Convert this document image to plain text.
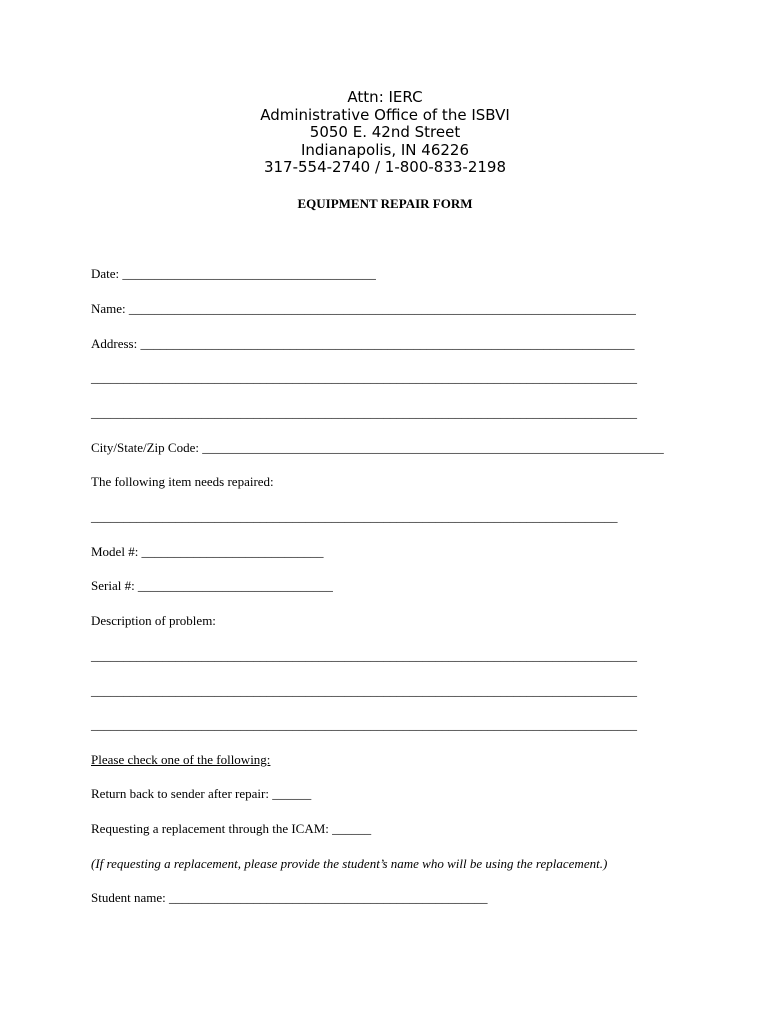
Attn: IERC
Administrative Office of the ISBVI
5050 E. 42nd Street
Indianapolis, IN 46226
317-554-2740 / 1-800-833-2198
EQUIPMENT REPAIR FORM
Date: _______________________________________
Name: ______________________________________________________________________________
Address: ____________________________________________________________________________
____________________________________________________________________________________
____________________________________________________________________________________
City/State/Zip Code: _______________________________________________________________________
The following item needs repaired:
_________________________________________________________________________________
Model #: ____________________________
Serial #: ______________________________
Description of problem:
____________________________________________________________________________________
____________________________________________________________________________________
____________________________________________________________________________________
Please check one of the following:
Return back to sender after repair: ______
Requesting a replacement through the ICAM: ______
(If requesting a replacement, please provide the student’s name who will be using the replacement.)
Student name: _________________________________________________
